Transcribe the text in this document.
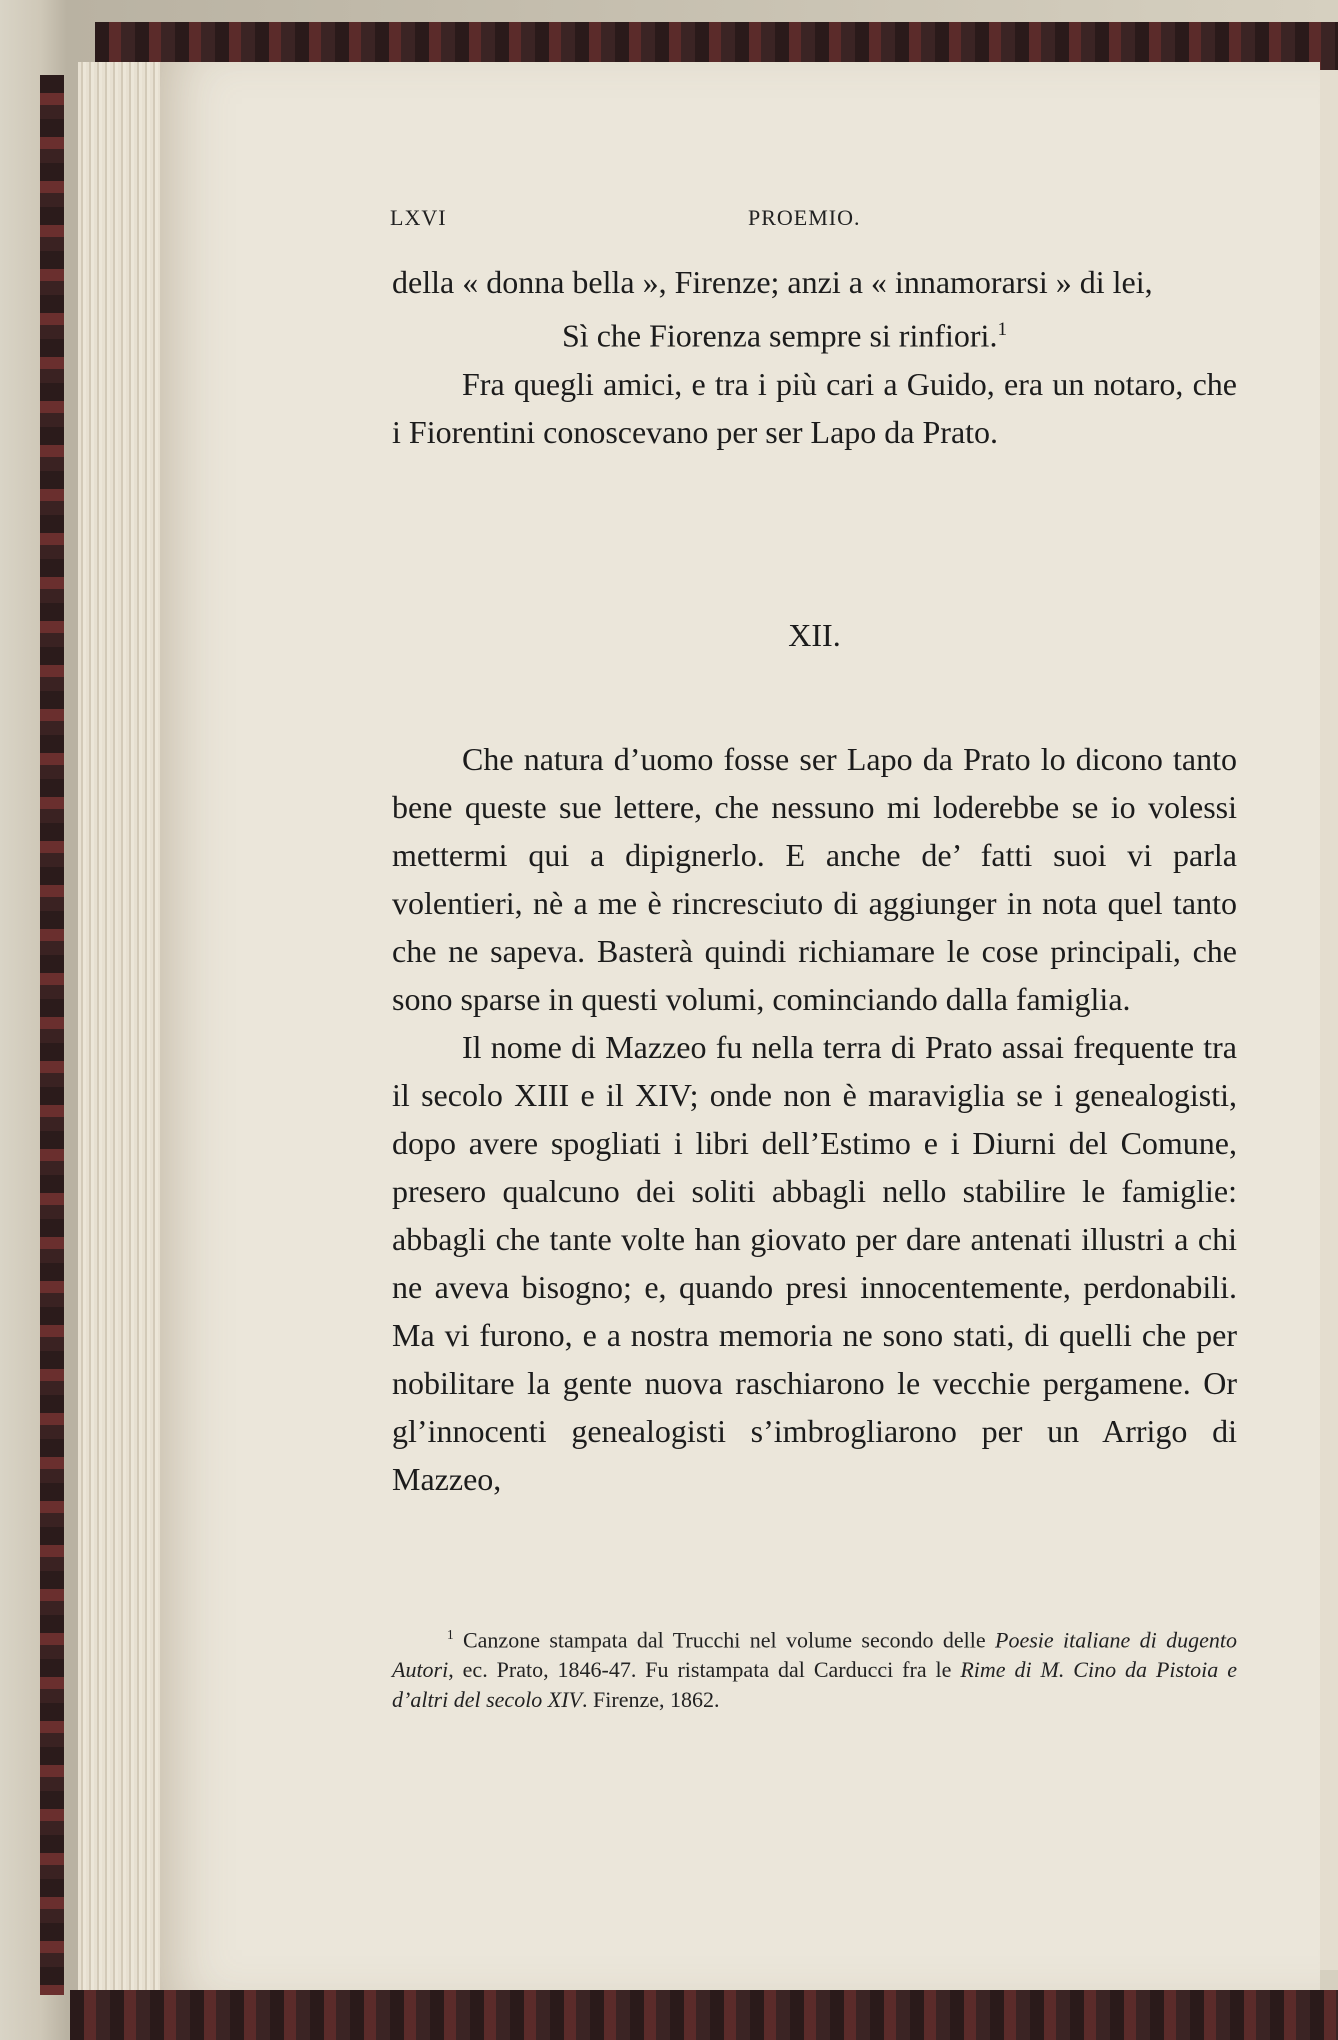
LXVI	PROEMIO.

della « donna bella », Firenze; anzi a « innamorarsi » di lei,

Sì che Fiorenza sempre si rinfiori.$^1$

Fra quegli amici, e tra i più cari a Guido, era un notaro, che i Fiorentini conoscevano per ser Lapo da Prato.

XII.

Che natura d’uomo fosse ser Lapo da Prato lo dicono tanto bene queste sue lettere, che nessuno mi loderebbe se io volessi mettermi qui a dipignerlo. E anche de’ fatti suoi vi parla volentieri, nè a me è rincresciuto di aggiunger in nota quel tanto che ne sapeva. Basterà quindi richiamare le cose principali, che sono sparse in questi volumi, cominciando dalla famiglia.

Il nome di Mazzeo fu nella terra di Prato assai frequente tra il secolo XIII e il XIV; onde non è maraviglia se i genealogisti, dopo avere spogliati i libri dell’Estimo e i Diurni del Comune, presero qualcuno dei soliti abbagli nello stabilire le famiglie: abbagli che tante volte han giovato per dare antenati illustri a chi ne aveva bisogno; e, quando presi innocentemente, perdonabili. Ma vi furono, e a nostra memoria ne sono stati, di quelli che per nobilitare la gente nuova raschiarono le vecchie pergamene. Or gl’innocenti genealogisti s’imbrogliarono per un Arrigo di Mazzeo,

$^1$ Canzone stampata dal Trucchi nel volume secondo delle Poesie italiane di dugento Autori, ec. Prato, 1846-47. Fu ristampata dal Carducci fra le Rime di M. Cino da Pistoia e d’altri del secolo XIV. Firenze, 1862.
